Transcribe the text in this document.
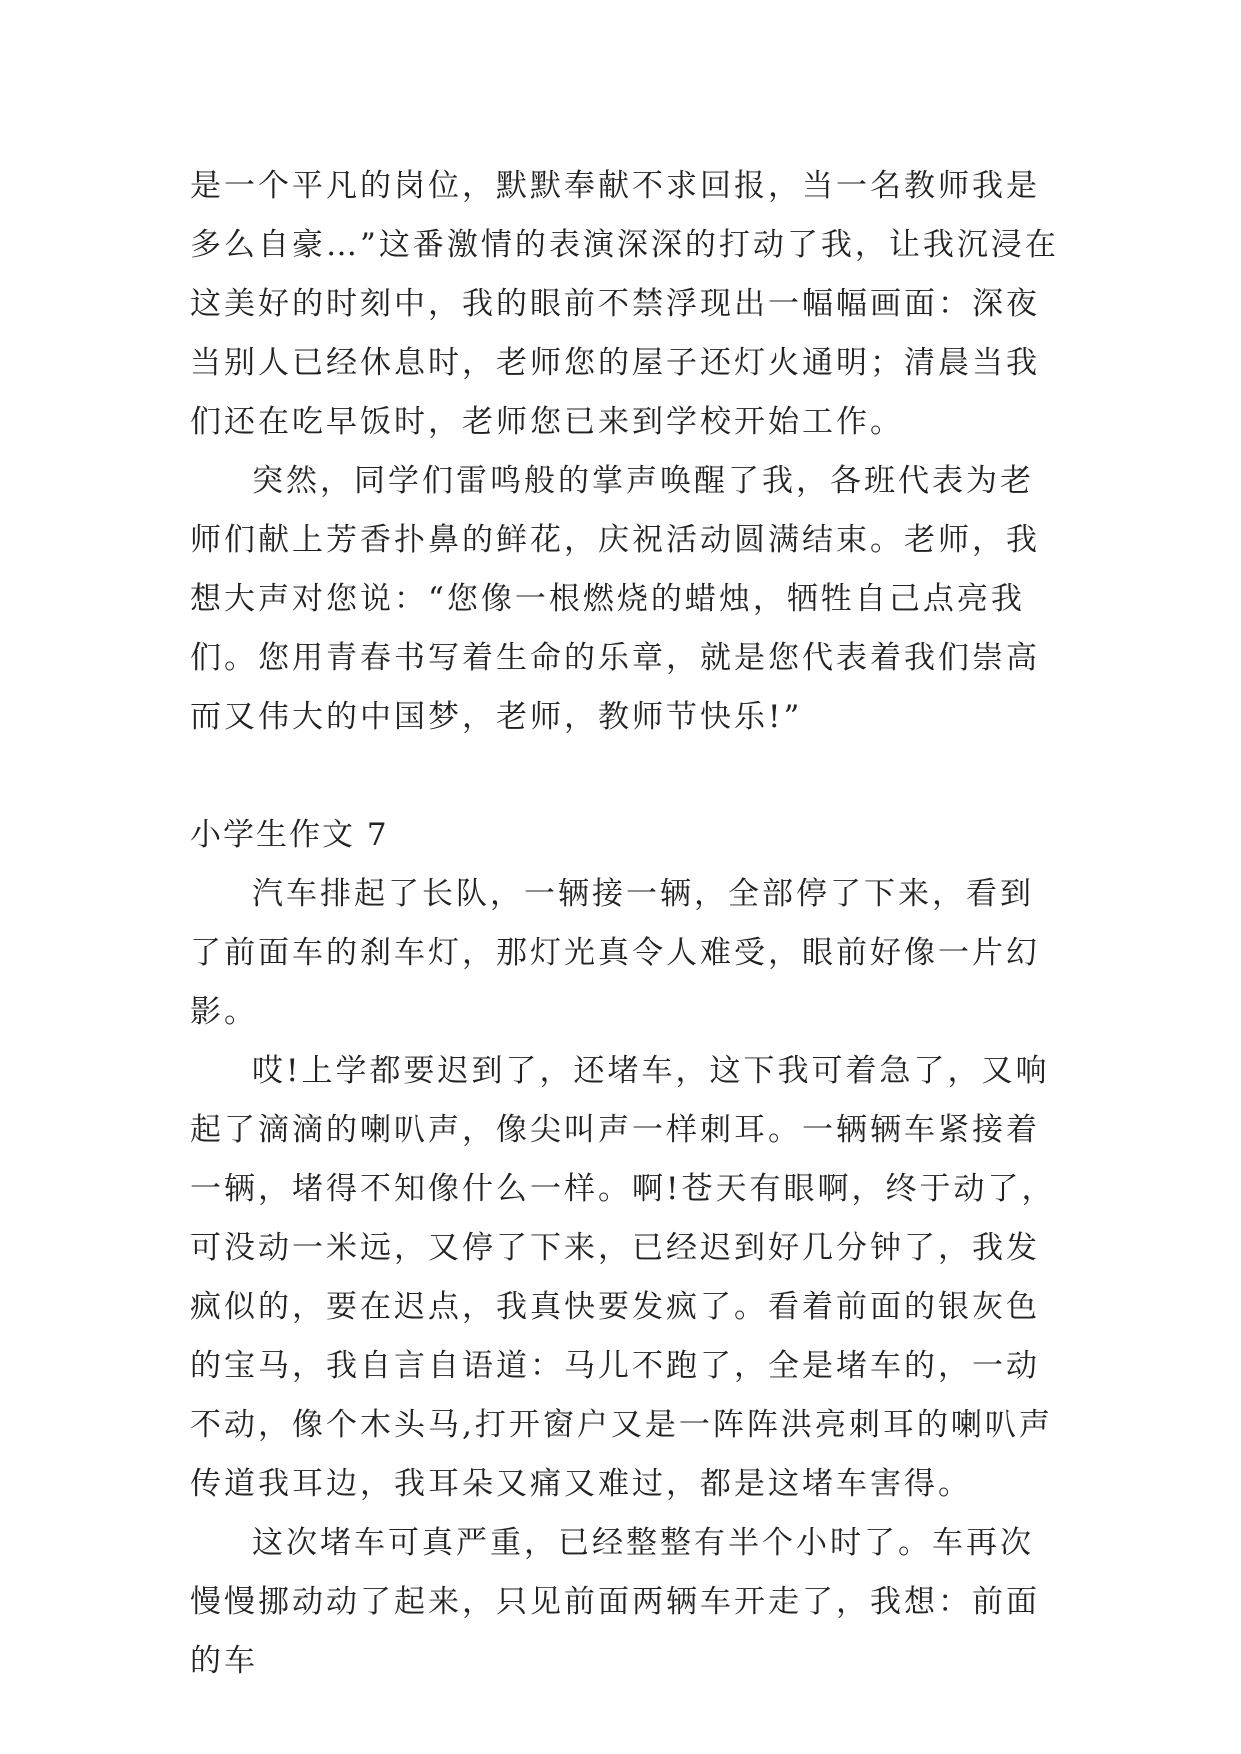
是一个平凡的岗位，默默奉献不求回报，当一名教师我是多么自豪…”这番激情的表演深深的打动了我，让我沉浸在这美好的时刻中，我的眼前不禁浮现出一幅幅画面：深夜当别人已经休息时，老师您的屋子还灯火通明；清晨当我们还在吃早饭时，老师您已来到学校开始工作。

突然，同学们雷鸣般的掌声唤醒了我，各班代表为老师们献上芳香扑鼻的鲜花，庆祝活动圆满结束。老师，我想大声对您说：“您像一根燃烧的蜡烛，牺牲自己点亮我们。您用青春书写着生命的乐章，就是您代表着我们崇高而又伟大的中国梦，老师，教师节快乐!”

小学生作文 7

汽车排起了长队，一辆接一辆，全部停了下来，看到了前面车的刹车灯，那灯光真令人难受，眼前好像一片幻影。

哎!上学都要迟到了，还堵车，这下我可着急了，又响起了滴滴的喇叭声，像尖叫声一样刺耳。一辆辆车紧接着一辆，堵得不知像什么一样。啊!苍天有眼啊，终于动了，可没动一米远，又停了下来，已经迟到好几分钟了，我发疯似的，要在迟点，我真快要发疯了。看着前面的银灰色的宝马，我自言自语道：马儿不跑了，全是堵车的，一动不动，像个木头马,打开窗户又是一阵阵洪亮刺耳的喇叭声传道我耳边，我耳朵又痛又难过，都是这堵车害得。

这次堵车可真严重，已经整整有半个小时了。车再次慢慢挪动动了起来，只见前面两辆车开走了，我想：前面的车
